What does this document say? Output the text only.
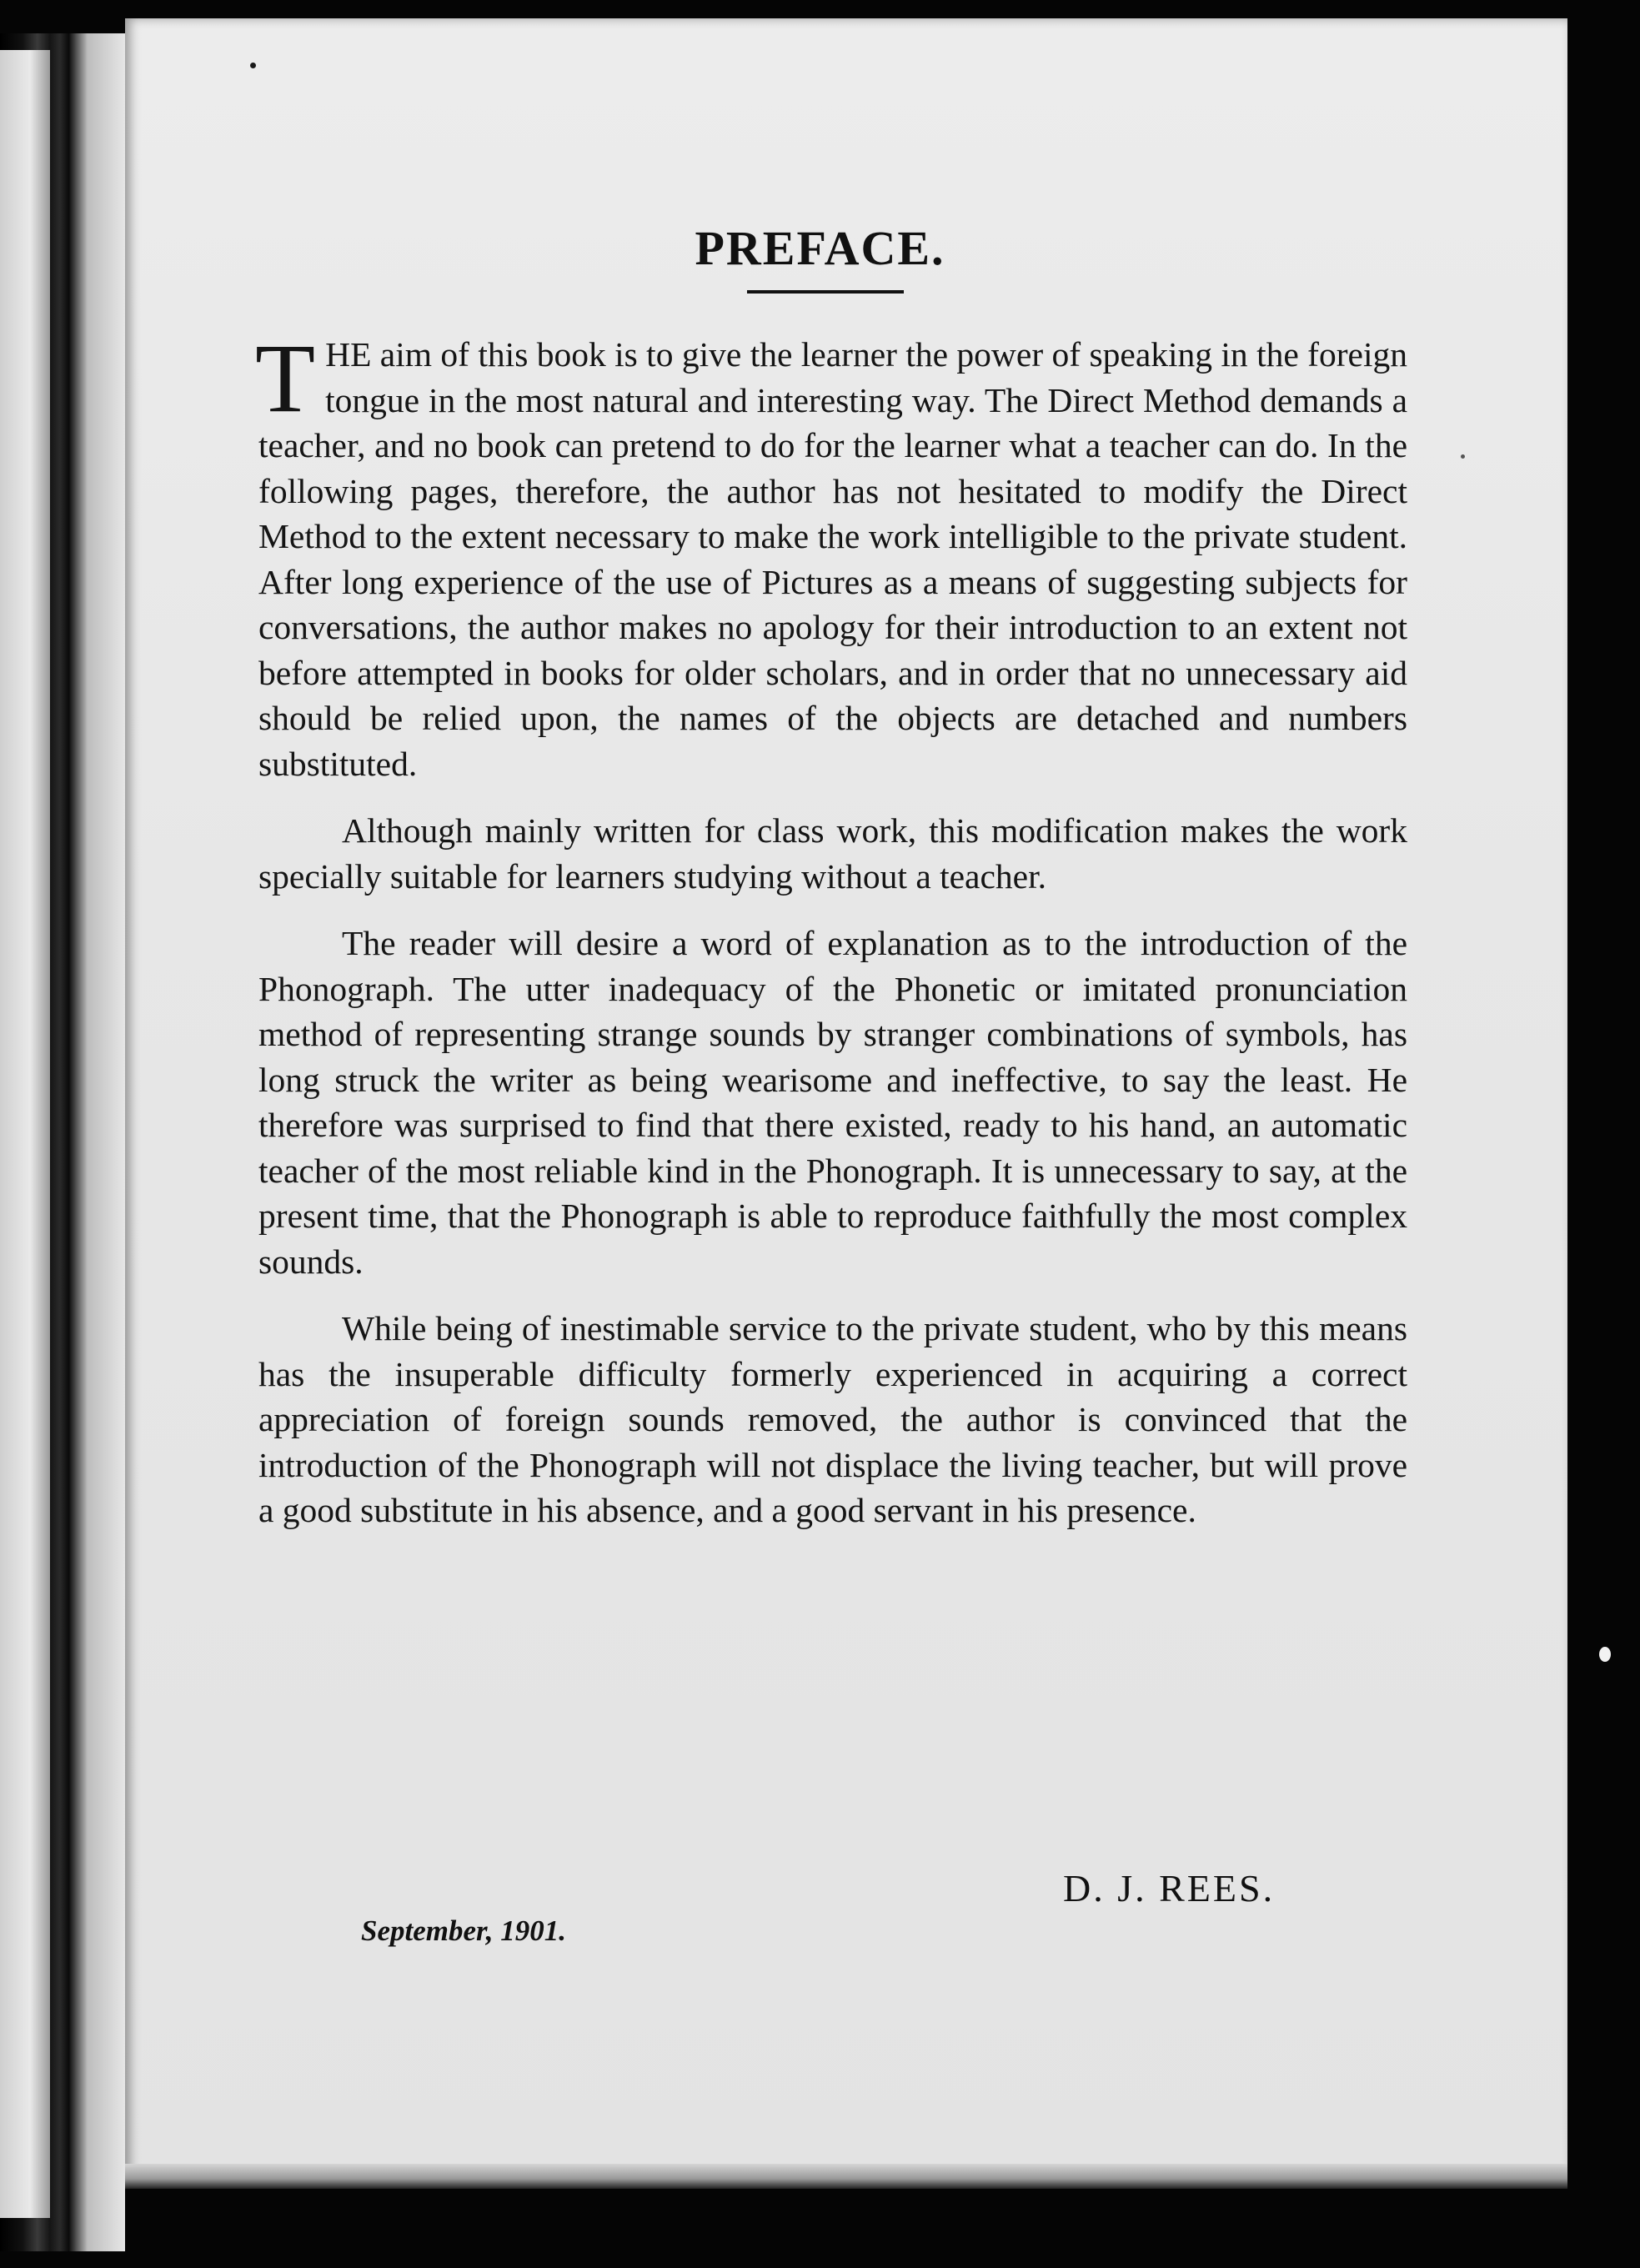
PREFACE.

THE aim of this book is to give the learner the power of speaking in the foreign tongue in the most natural and interesting way. The Direct Method demands a teacher, and no book can pretend to do for the learner what a teacher can do. In the following pages, therefore, the author has not hesitated to modify the Direct Method to the extent necessary to make the work intelligible to the private student. After long experience of the use of Pictures as a means of suggesting subjects for conversations, the author makes no apology for their introduction to an extent not before attempted in books for older scholars, and in order that no unnecessary aid should be relied upon, the names of the objects are detached and numbers substituted.

Although mainly written for class work, this modification makes the work specially suitable for learners studying without a teacher.

The reader will desire a word of explanation as to the introduction of the Phonograph. The utter inadequacy of the Phonetic or imitated pronunciation method of representing strange sounds by stranger combinations of symbols, has long struck the writer as being wearisome and ineffective, to say the least. He therefore was surprised to find that there existed, ready to his hand, an automatic teacher of the most reliable kind in the Phonograph. It is unnecessary to say, at the present time, that the Phonograph is able to reproduce faithfully the most complex sounds.

While being of inestimable service to the private student, who by this means has the insuperable difficulty formerly experienced in acquiring a correct appreciation of foreign sounds removed, the author is convinced that the introduction of the Phonograph will not displace the living teacher, but will prove a good substitute in his absence, and a good servant in his presence.

D. J. REES.
September, 1901.
